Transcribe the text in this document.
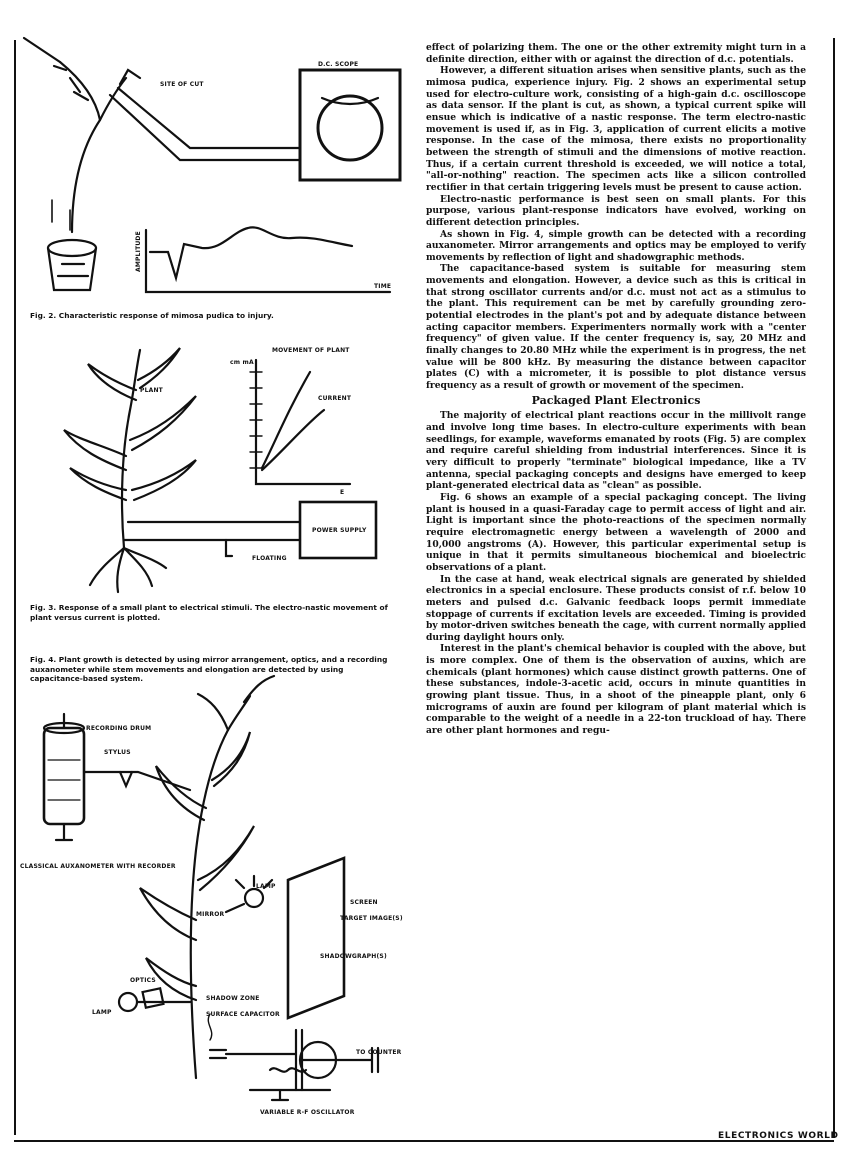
SITE OF CUT
D.C. SCOPE
AMPLITUDE
TIME
MOVEMENT OF PLANT
cm mA
PLANT
CURRENT
E
POWER SUPPLY
FLOATING
RECORDING DRUM
STYLUS
CLASSICAL AUXANOMETER WITH RECORDER
LAMP
SCREEN
TARGET IMAGE(S)
MIRROR
SHADOWGRAPH(S)
OPTICS
LAMP
SHADOW ZONE
SURFACE CAPACITOR
TO COUNTER
VARIABLE R-F OSCILLATOR
Fig. 2. Characteristic response of mimosa pudica to injury.
Fig. 3. Response of a small plant to electrical stimuli. The electro-nastic movement of plant versus current is plotted.
Fig. 4. Plant growth is detected by using mirror arrangement, optics, and a recording auxanometer while stem movements and elongation are detected by using capacitance-based system.

effect of polarizing them. The one or the other extremity might turn in a definite direction, either with or against the direction of d.c. potentials.

However, a different situation arises when sensitive plants, such as the mimosa pudica, experience injury. Fig. 2 shows an experimental setup used for electro-culture work, consisting of a high-gain d.c. oscilloscope as data sensor. If the plant is cut, as shown, a typical current spike will ensue which is indicative of a nastic response. The term electro-nastic movement is used if, as in Fig. 3, application of current elicits a motive response. In the case of the mimosa, there exists no proportionality between the strength of stimuli and the dimensions of motive reaction. Thus, if a certain current threshold is exceeded, we will notice a total, "all-or-nothing" reaction. The specimen acts like a silicon controlled rectifier in that certain triggering levels must be present to cause action.

Electro-nastic performance is best seen on small plants. For this purpose, various plant-response indicators have evolved, working on different detection principles.

As shown in Fig. 4, simple growth can be detected with a recording auxanometer. Mirror arrangements and optics may be employed to verify movements by reflection of light and shadowgraphic methods.

The capacitance-based system is suitable for measuring stem movements and elongation. However, a device such as this is critical in that strong oscillator currents and/or d.c. must not act as a stimulus to the plant. This requirement can be met by carefully grounding zero-potential electrodes in the plant's pot and by adequate distance between acting capacitor members. Experimenters normally work with a "center frequency" of given value. If the center frequency is, say, 20 MHz and finally changes to 20.80 MHz while the experiment is in progress, the net value will be 800 kHz. By measuring the distance between capacitor plates (C) with a micrometer, it is possible to plot distance versus frequency as a result of growth or movement of the specimen.

Packaged Plant Electronics

The majority of electrical plant reactions occur in the millivolt range and involve long time bases. In electro-culture experiments with bean seedlings, for example, waveforms emanated by roots (Fig. 5) are complex and require careful shielding from industrial interferences. Since it is very difficult to properly "terminate" biological impedance, like a TV antenna, special packaging concepts and designs have emerged to keep plant-generated electrical data as "clean" as possible.

Fig. 6 shows an example of a special packaging concept. The living plant is housed in a quasi-Faraday cage to permit access of light and air. Light is important since the photo-reactions of the specimen normally require electromagnetic energy between a wavelength of 2000 and 10,000 angstroms (A). However, this particular experimental setup is unique in that it permits simultaneous biochemical and bioelectric observations of a plant.

In the case at hand, weak electrical signals are generated by shielded electronics in a special enclosure. These products consist of r.f. below 10 meters and pulsed d.c. Galvanic feedback loops permit immediate stoppage of currents if excitation levels are exceeded. Timing is provided by motor-driven switches beneath the cage, with current normally applied during daylight hours only.

Interest in the plant's chemical behavior is coupled with the above, but is more complex. One of them is the observation of auxins, which are chemicals (plant hormones) which cause distinct growth patterns. One of these substances, indole-3-acetic acid, occurs in minute quantities in growing plant tissue. Thus, in a shoot of the pineapple plant, only 6 micrograms of auxin are found per kilogram of plant material which is comparable to the weight of a needle in a 22-ton truckload of hay. There are other plant hormones and regu-

ELECTRONICS WORLD
